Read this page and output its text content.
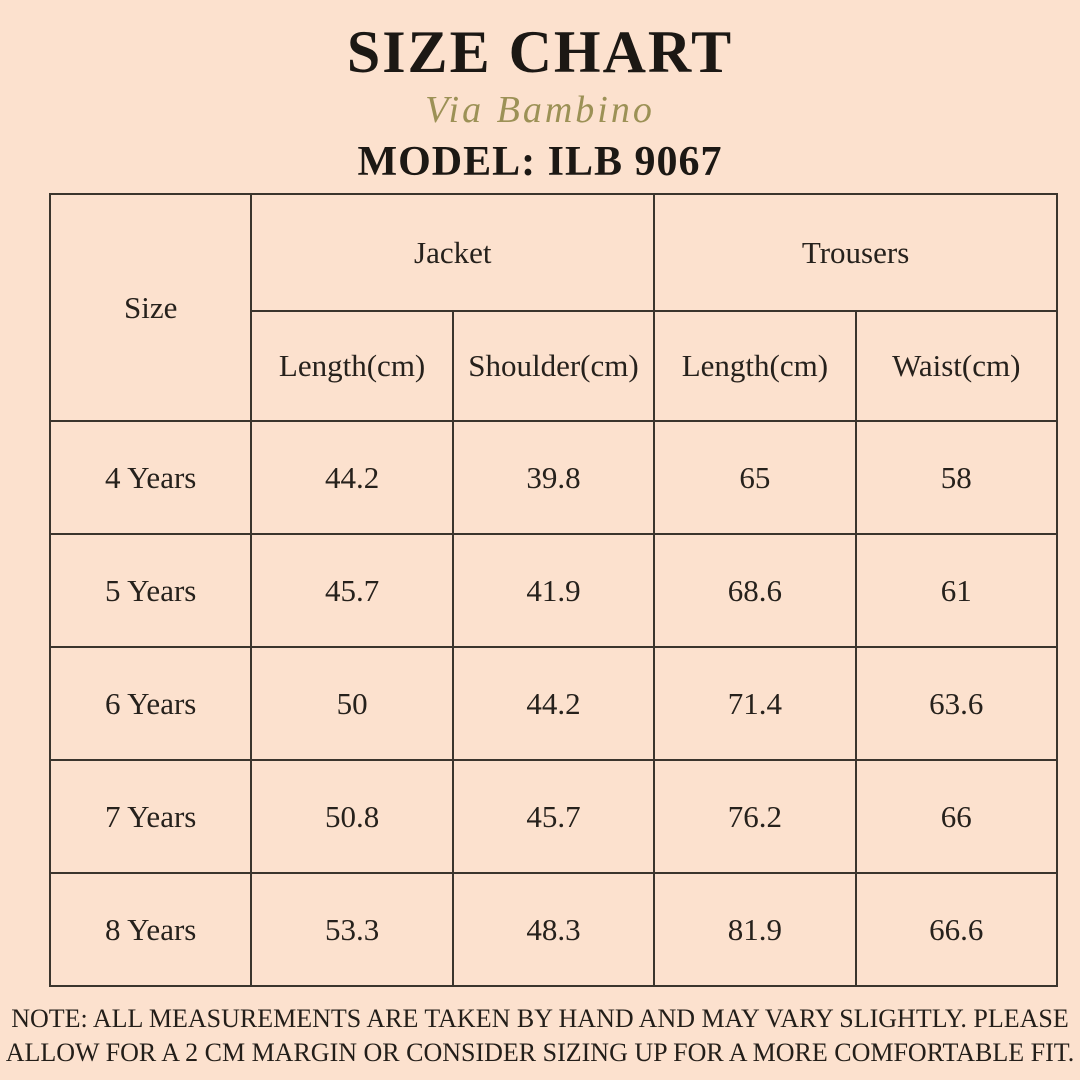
SIZE CHART
Via Bambino
MODEL: ILB 9067
Size	Jacket		Trousers	
	Length(cm)	Shoulder(cm)	Length(cm)	Waist(cm)
4 Years	44.2	39.8	65	58
5 Years	45.7	41.9	68.6	61
6 Years	50	44.2	71.4	63.6
7 Years	50.8	45.7	76.2	66
8 Years	53.3	48.3	81.9	66.6
NOTE: ALL MEASUREMENTS ARE TAKEN BY HAND AND MAY VARY SLIGHTLY. PLEASE
ALLOW FOR A 2 CM MARGIN OR CONSIDER SIZING UP FOR A MORE COMFORTABLE FIT.
